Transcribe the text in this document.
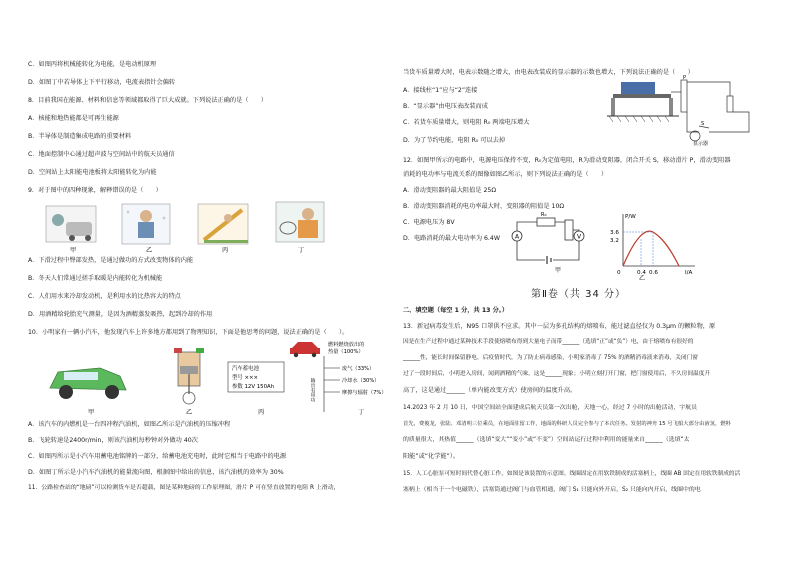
C．如图丙将机械能转化为电能，是电动机原理
D．如图丁中若导体上下平行移动，电流表指针会偏转
8．目前我国在能源、材料和信息等领域都取得了巨大成就。下列说法正确的是（　　）
A．核能和地热能都是可再生能源
B．半导体是制造集成电路的重要材料
C．地面控制中心通过超声波与空间站中的航天员通信
D．空间站上太阳能电池板将太阳能转化为内能
9．对于图中的四种现象，解释错误的是（　　）
甲	乙	丙	丁
A．下滑过程中臀部发热，是通过做功的方式改变物体的内能
B．冬天人们常通过搓手取暖是内能转化为机械能
C．人们用水来冷却发动机，是利用水的比热容大的特点
D．用酒精给轮胎充气测量，是因为酒精蒸发吸热，起到冷却的作用
10．小明家有一辆小汽车，他发现汽车上许多地方都用到了物理知识，下面是他思考的问题，说法正确的是（　　）。
汽车蓄电池
型号 ×××
参数 12V 150Ah
燃料燃烧放出的
热量（100%）
废气（33%）
冷却水（30%）
摩擦与辐射（7%）
输出有用功
甲	乙	丙	丁
A．该汽车的内燃机是一台四冲程汽油机，如图乙所示是汽油机的压缩冲程
B．飞轮转速是2400r/min，则该汽油机每秒钟对外做功 40次
C．如图丙所示是小汽车用蓄电池铭牌的一部分，给蓄电池充电时，此时它相当于电路中的电源
D．如图丁所示是小汽车汽油机的能量流向图，根据图中给出的信息，该汽油机的效率为 30%
11．公路检查站的“地磅”可以检测货车是否超载，图是某种地磅的工作原理图，滑片 P 可在竖直放置的电阻 R 上滑动，
当货车质量增大时，电表示数随之增大，由电表改装成的显示器的示数也增大，下列说法正确的是（　　）
A．接线柱“1”应与“2”连接
B．“显示器”由电压表改装而成
C．若货车质量增大，则电阻 R₀ 两端电压增大
D．为了节约电能，电阻 R₀ 可以去掉
P
显示器
S
12．如图甲所示的电路中，电源电压保持不变，R₀为定值电阻，R为滑动变阻器，闭合开关 S，移动滑片 P，滑动变阻器
消耗的电功率与电流关系的图像如图乙所示，则下列说法正确的是（　　）
A．滑动变阻器的最大阻值是 25Ω
B．滑动变阻器消耗的电功率最大时，变阻器的阻值是 10Ω
C．电源电压为 8V
D．电路消耗的最大电功率为 6.4W
R₀
A	V
甲
P/W
I/A
3.6
3.2
0	0.4 0.6
乙
第Ⅱ卷（共 34 分）
二、填空题（每空 1 分，共 13 分。）
13．新冠病毒发生后，N95 口罩供不应求。其中一层为多孔结构的熔喷布，能过滤直径仅为 0.3μm 的颗粒物，原
因是在生产过程中通过某种技术手段使熔喷布得到大量电子而带______（选填“正”或“负”）电，由于熔喷布有很好的
______性，能长时间保留静电。后疫情时代，为了防止病毒感染，小明家消毒了 75% 的酒精消毒液来消毒，关闭门窗
过了一段时间后，小明进入房间，闻到酒精的气味，这是______现象；小明立刻打开门窗，把门窗使用后，不久房间温度升
高了，这是通过______（单内能改变方式）使房间的温度升高。
14.2023 年 2 月 10 日，中国空间站全面建成后航天员第一次出舱，天地一心，经过 7 小时的出舱活动，宇航员
首先，费俊龙，张陆、邓清明三位乘员，在地面驻留工作，地面的科研人员完全参与了本次任务。发射的神舟 15 号飞船大部分由液氢，燃料
的质量很大，其热值______（选填“变大”“变小”或“不变”）空间站运行过程中利用的能量来自______（选填“太
阳能”或“化学能”）。
15．人工心脏泵可短时间代替心脏工作，如图是该装置的示意图。线圈固定在用软铁制成的活塞柄上，线圈 AB 固定在用软铁制成的活
塞柄上（相当于一个电磁铁），活塞筒通过阀门与血管相通，阀门 S₁ 只能向外开启，S₂ 只能向内开启，线圈中的电
